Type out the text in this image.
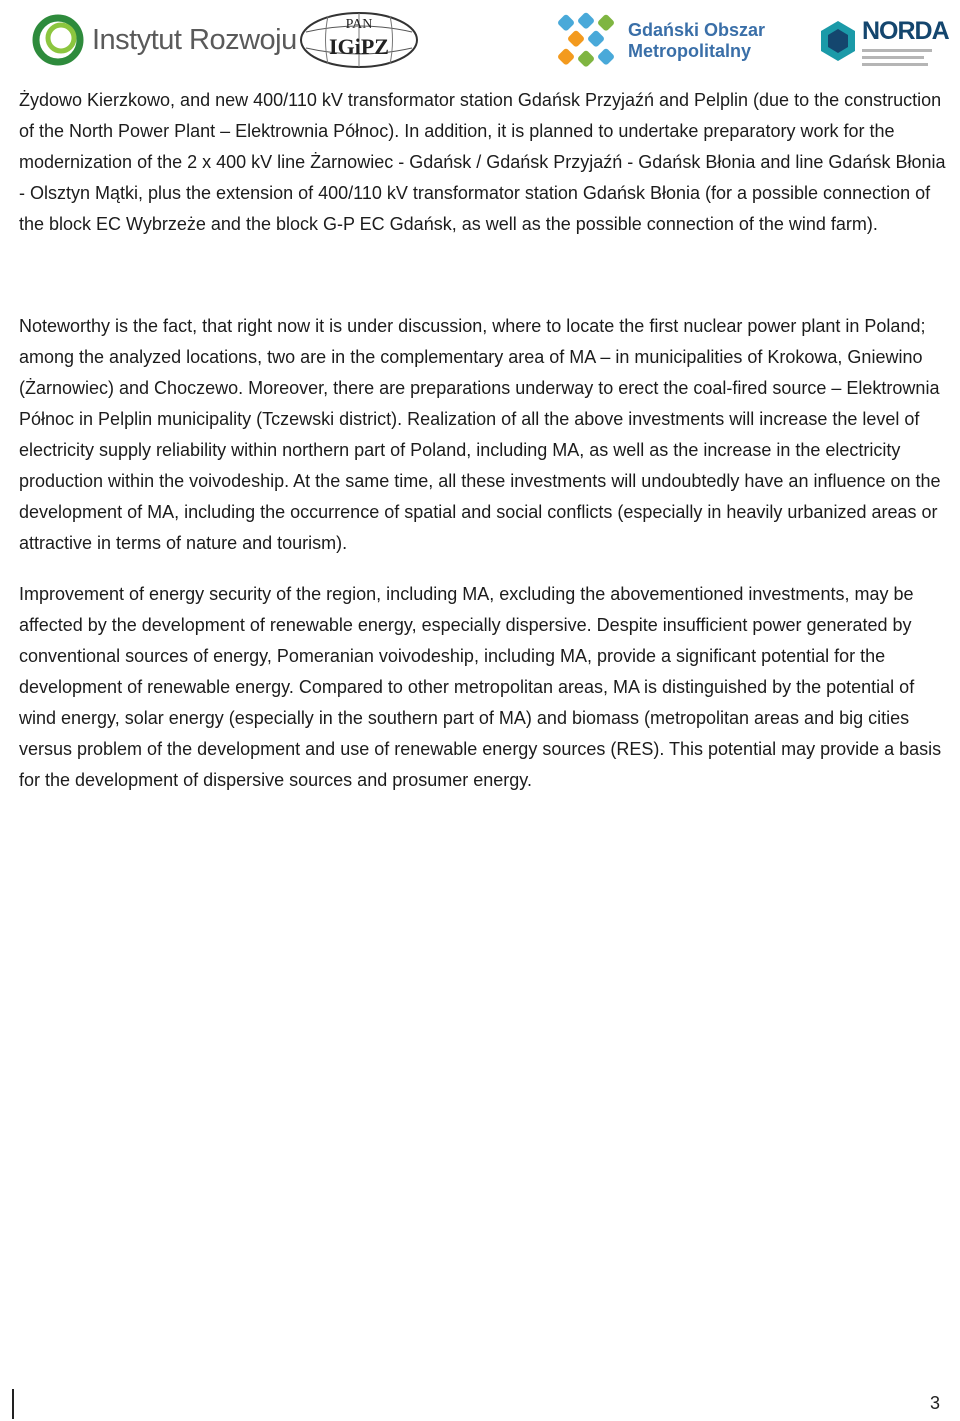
Instytut Rozwoju	PAN
IGiPZ
Gdański Obszar
Metropolitalny
NORDA

Żydowo Kierzkowo, and new 400/110 kV transformator station Gdańsk Przyjaźń and Pelplin (due to the construction of the North Power Plant – Elektrownia Północ). In addition, it is planned to undertake preparatory work for the modernization of the 2 x 400 kV line Żarnowiec - Gdańsk / Gdańsk Przyjaźń - Gdańsk Błonia and line Gdańsk Błonia - Olsztyn Mątki, plus the extension of 400/110 kV transformator station Gdańsk Błonia (for a possible connection of the block EC Wybrzeże and the block G-P EC Gdańsk, as well as the possible connection of the wind farm).

Noteworthy is the fact, that right now it is under discussion, where to locate the first nuclear power plant in Poland; among the analyzed locations, two are in the complementary area of MA – in municipalities of Krokowa, Gniewino (Żarnowiec) and Choczewo. Moreover, there are preparations underway to erect the coal-fired source – Elektrownia Północ in Pelplin municipality (Tczewski district). Realization of all the above investments will increase the level of electricity supply reliability within northern part of Poland, including MA, as well as the increase in the electricity production within the voivodeship. At the same time, all these investments will undoubtedly have an influence on the development of MA, including the occurrence of spatial and social conflicts (especially in heavily urbanized areas or attractive in terms of nature and tourism).

Improvement of energy security of the region, including MA, excluding the abovementioned investments, may be affected by the development of renewable energy, especially dispersive. Despite insufficient power generated by conventional sources of energy, Pomeranian voivodeship, including MA, provide a significant potential for the development of renewable energy. Compared to other metropolitan areas, MA is distinguished by the potential of wind energy, solar energy (especially in the southern part of MA) and biomass (metropolitan areas and big cities versus problem of the development and use of renewable energy sources (RES). This potential may provide a basis for the development of dispersive sources and prosumer energy.

3
